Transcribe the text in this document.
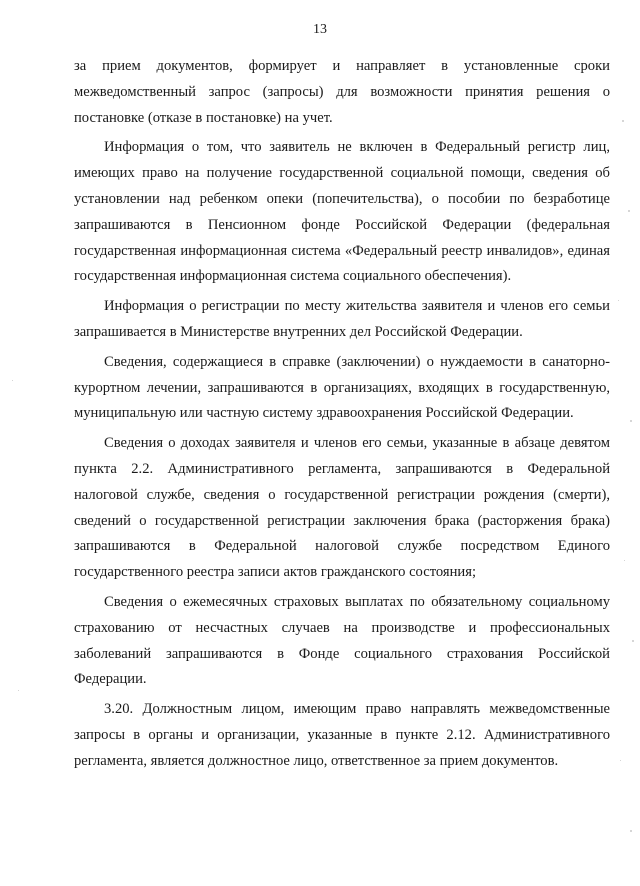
13

за прием документов, формирует и направляет в установленные сроки межведомственный запрос (запросы) для возможности принятия решения о постановке (отказе в постановке) на учет.

Информация о том, что заявитель не включен в Федеральный регистр лиц, имеющих право на получение государственной социальной помощи, сведения об установлении над ребенком опеки (попечительства), о пособии по безработице запрашиваются в Пенсионном фонде Российской Федерации (федеральная государственная информационная система «Федеральный реестр инвалидов», единая государственная информационная система социального обеспечения).

Информация о регистрации по месту жительства заявителя и членов его семьи запрашивается в Министерстве внутренних дел Российской Федерации.

Сведения, содержащиеся в справке (заключении) о нуждаемости в санаторно-курортном лечении, запрашиваются в организациях, входящих в государственную, муниципальную или частную систему здравоохранения Российской Федерации.

Сведения о доходах заявителя и членов его семьи, указанные в абзаце девятом пункта 2.2. Административного регламента, запрашиваются в Федеральной налоговой службе, сведения о государственной регистрации рождения (смерти), сведений о государственной регистрации заключения брака (расторжения брака) запрашиваются в Федеральной налоговой службе посредством Единого государственного реестра записи актов гражданского состояния;

Сведения о ежемесячных страховых выплатах по обязательному социальному страхованию от несчастных случаев на производстве и профессиональных заболеваний запрашиваются в Фонде социального страхования Российской Федерации.

3.20. Должностным лицом, имеющим право направлять межведомственные запросы в органы и организации, указанные в пункте 2.12. Административного регламента, является должностное лицо, ответственное за прием документов.
